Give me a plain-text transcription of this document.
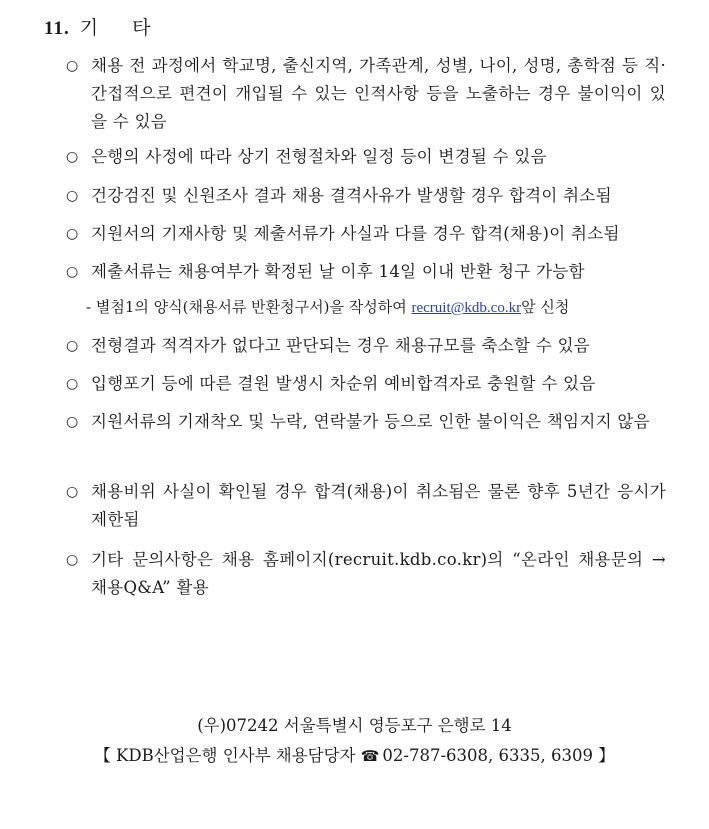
11. 기 타
○ 채용 전 과정에서 학교명, 출신지역, 가족관계, 성별, 나이, 성명, 총학점 등 직·간접적으로 편견이 개입될 수 있는 인적사항 등을 노출하는 경우 불이익이 있을 수 있음
○ 은행의 사정에 따라 상기 전형절차와 일정 등이 변경될 수 있음
○ 건강검진 및 신원조사 결과 채용 결격사유가 발생할 경우 합격이 취소됨
○ 지원서의 기재사항 및 제출서류가 사실과 다를 경우 합격(채용)이 취소됨
○ 제출서류는 채용여부가 확정된 날 이후 14일 이내 반환 청구 가능함
- 별첨1의 양식(채용서류 반환청구서)을 작성하여 recruit@kdb.co.kr앞 신청
○ 전형결과 적격자가 없다고 판단되는 경우 채용규모를 축소할 수 있음
○ 입행포기 등에 따른 결원 발생시 차순위 예비합격자로 충원할 수 있음
○ 지원서류의 기재착오 및 누락, 연락불가 등으로 인한 불이익은 책임지지 않음
○ 채용비위 사실이 확인될 경우 합격(채용)이 취소됨은 물론 향후 5년간 응시가 제한됨
○ 기타 문의사항은 채용 홈페이지(recruit.kdb.co.kr)의 “온라인 채용문의 → 채용Q&A” 활용
(우)07242 서울특별시 영등포구 은행로 14
【 KDB산업은행 인사부 채용담당자 ☎ 02-787-6308, 6335, 6309 】
